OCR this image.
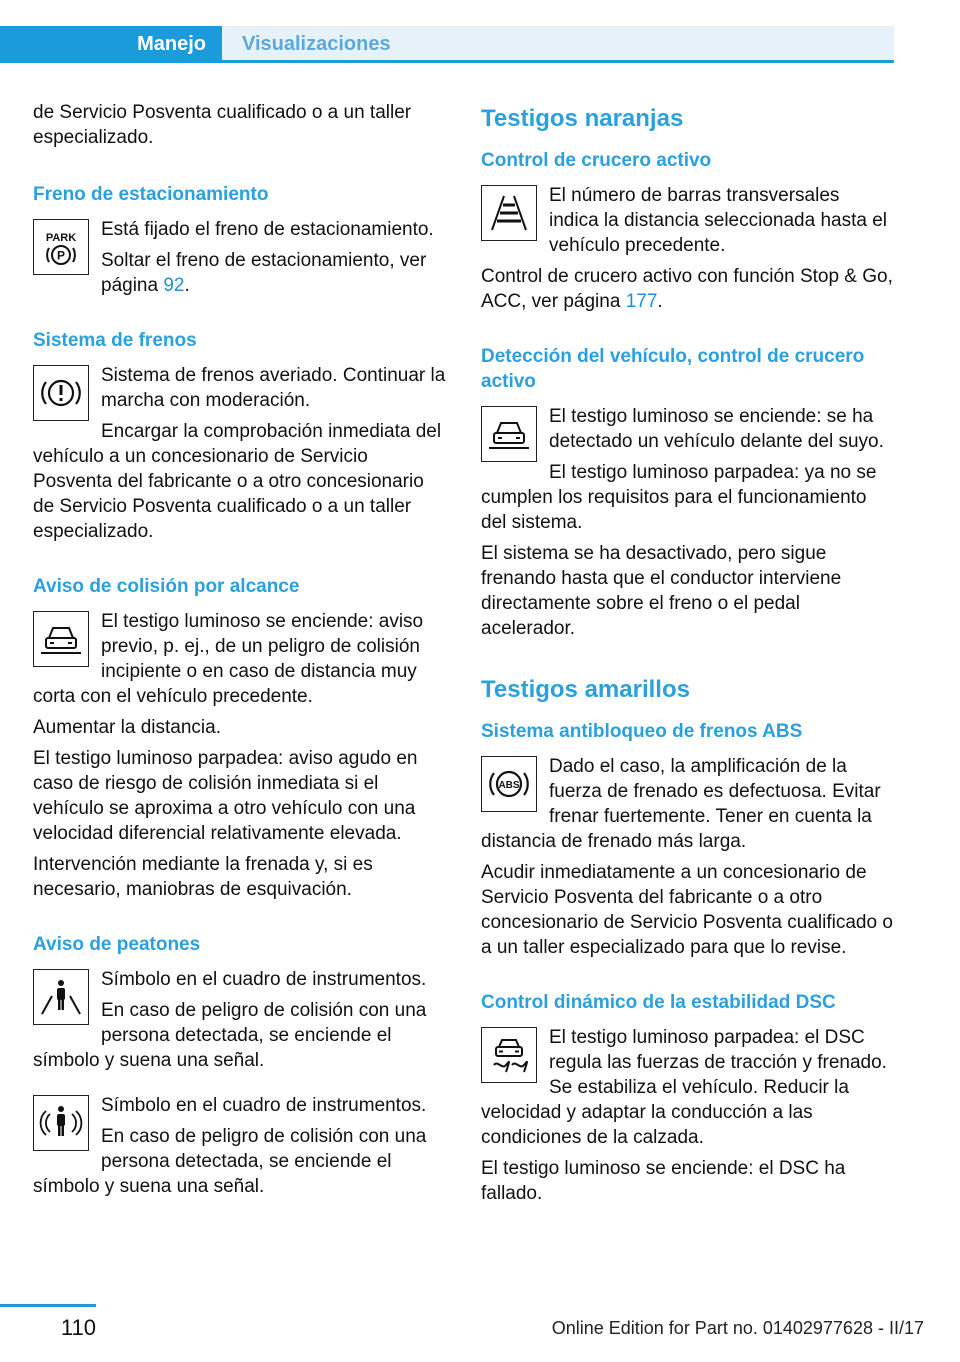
Manejo	Visualizaciones

de Servicio Posventa cualificado o a un taller especializado.

Freno de estacionamiento
PARK
P

Está fijado el freno de estacionamiento.

Soltar el freno de estacionamiento, ver página 92.

Sistema de frenos

Sistema de frenos averiado. Continuar la marcha con moderación.

Encargar la comprobación inmediata del vehículo a un concesionario de Servicio Posventa del fabricante o a otro concesionario de Servicio Posventa cualificado o a un taller especializado.

Aviso de colisión por alcance

El testigo luminoso se enciende: aviso previo, p. ej., de un peligro de colisión incipiente o en caso de distancia muy corta con el vehículo precedente.

Aumentar la distancia.

El testigo luminoso parpadea: aviso agudo en caso de riesgo de colisión inmediata si el vehículo se aproxima a otro vehículo con una velocidad diferencial relativamente elevada.

Intervención mediante la frenada y, si es necesario, maniobras de esquivación.

Aviso de peatones

Símbolo en el cuadro de instrumentos.

En caso de peligro de colisión con una persona detectada, se enciende el símbolo y suena una señal.

Símbolo en el cuadro de instrumentos.

En caso de peligro de colisión con una persona detectada, se enciende el símbolo y suena una señal.

Testigos naranjas
Control de crucero activo

El número de barras transversales indica la distancia seleccionada hasta el vehículo precedente.

Control de crucero activo con función Stop & Go, ACC, ver página 177.

Detección del vehículo, control de crucero activo

El testigo luminoso se enciende: se ha detectado un vehículo delante del suyo.

El testigo luminoso parpadea: ya no se cumplen los requisitos para el funcionamiento del sistema.

El sistema se ha desactivado, pero sigue frenando hasta que el conductor interviene directamente sobre el freno o el pedal acelerador.

Testigos amarillos
Sistema antibloqueo de frenos ABS
ABS

Dado el caso, la amplificación de la fuerza de frenado es defectuosa. Evitar frenar fuertemente. Tener en cuenta la distancia de frenado más larga.

Acudir inmediatamente a un concesionario de Servicio Posventa del fabricante o a otro concesionario de Servicio Posventa cualificado o a un taller especializado para que lo revise.

Control dinámico de la estabilidad DSC

El testigo luminoso parpadea: el DSC regula las fuerzas de tracción y frenado. Se estabiliza el vehículo. Reducir la velocidad y adaptar la conducción a las condiciones de la calzada.

El testigo luminoso se enciende: el DSC ha fallado.

110	Online Edition for Part no. 01402977628 - II/17
